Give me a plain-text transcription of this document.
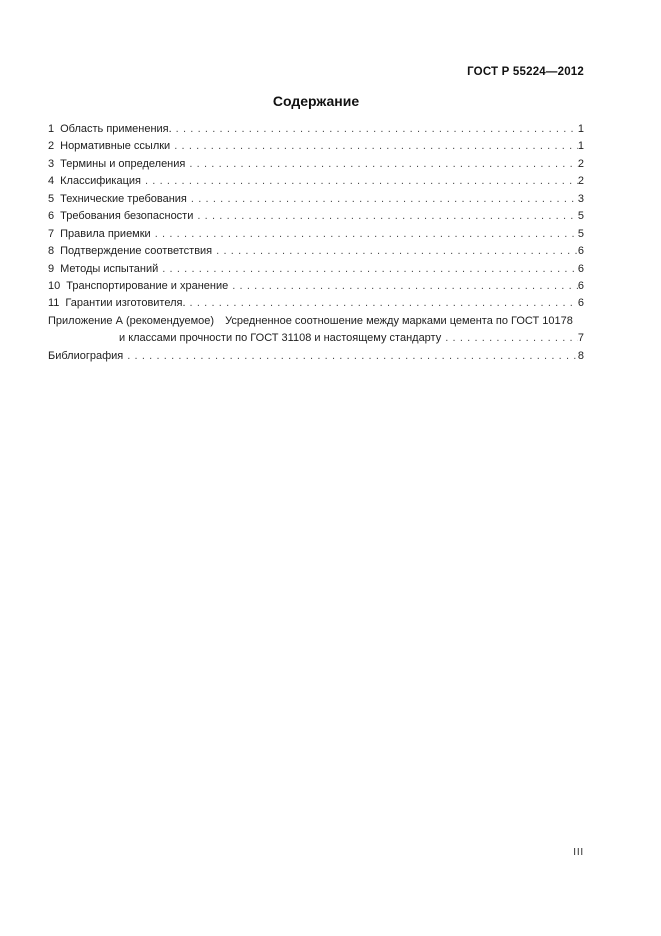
ГОСТ Р 55224—2012
Содержание
1 Область применения. . . .	1
2 Нормативные ссылки . . .	1
3 Термины и определения . . .	2
4 Классификация . . .	2
5 Технические требования . . .	3
6 Требования безопасности . . .	5
7 Правила приемки . . .	5
8 Подтверждение соответствия . . .	6
9 Методы испытаний . . .	6
10 Транспортирование и хранение . . .	6
11 Гарантии изготовителя. . . .	6
Приложение А (рекомендуемое) Усредненное соотношение между марками цемента по ГОСТ 10178
и классами прочности по ГОСТ 31108 и настоящему стандарту . . .	7
Библиография . . .	8
III
